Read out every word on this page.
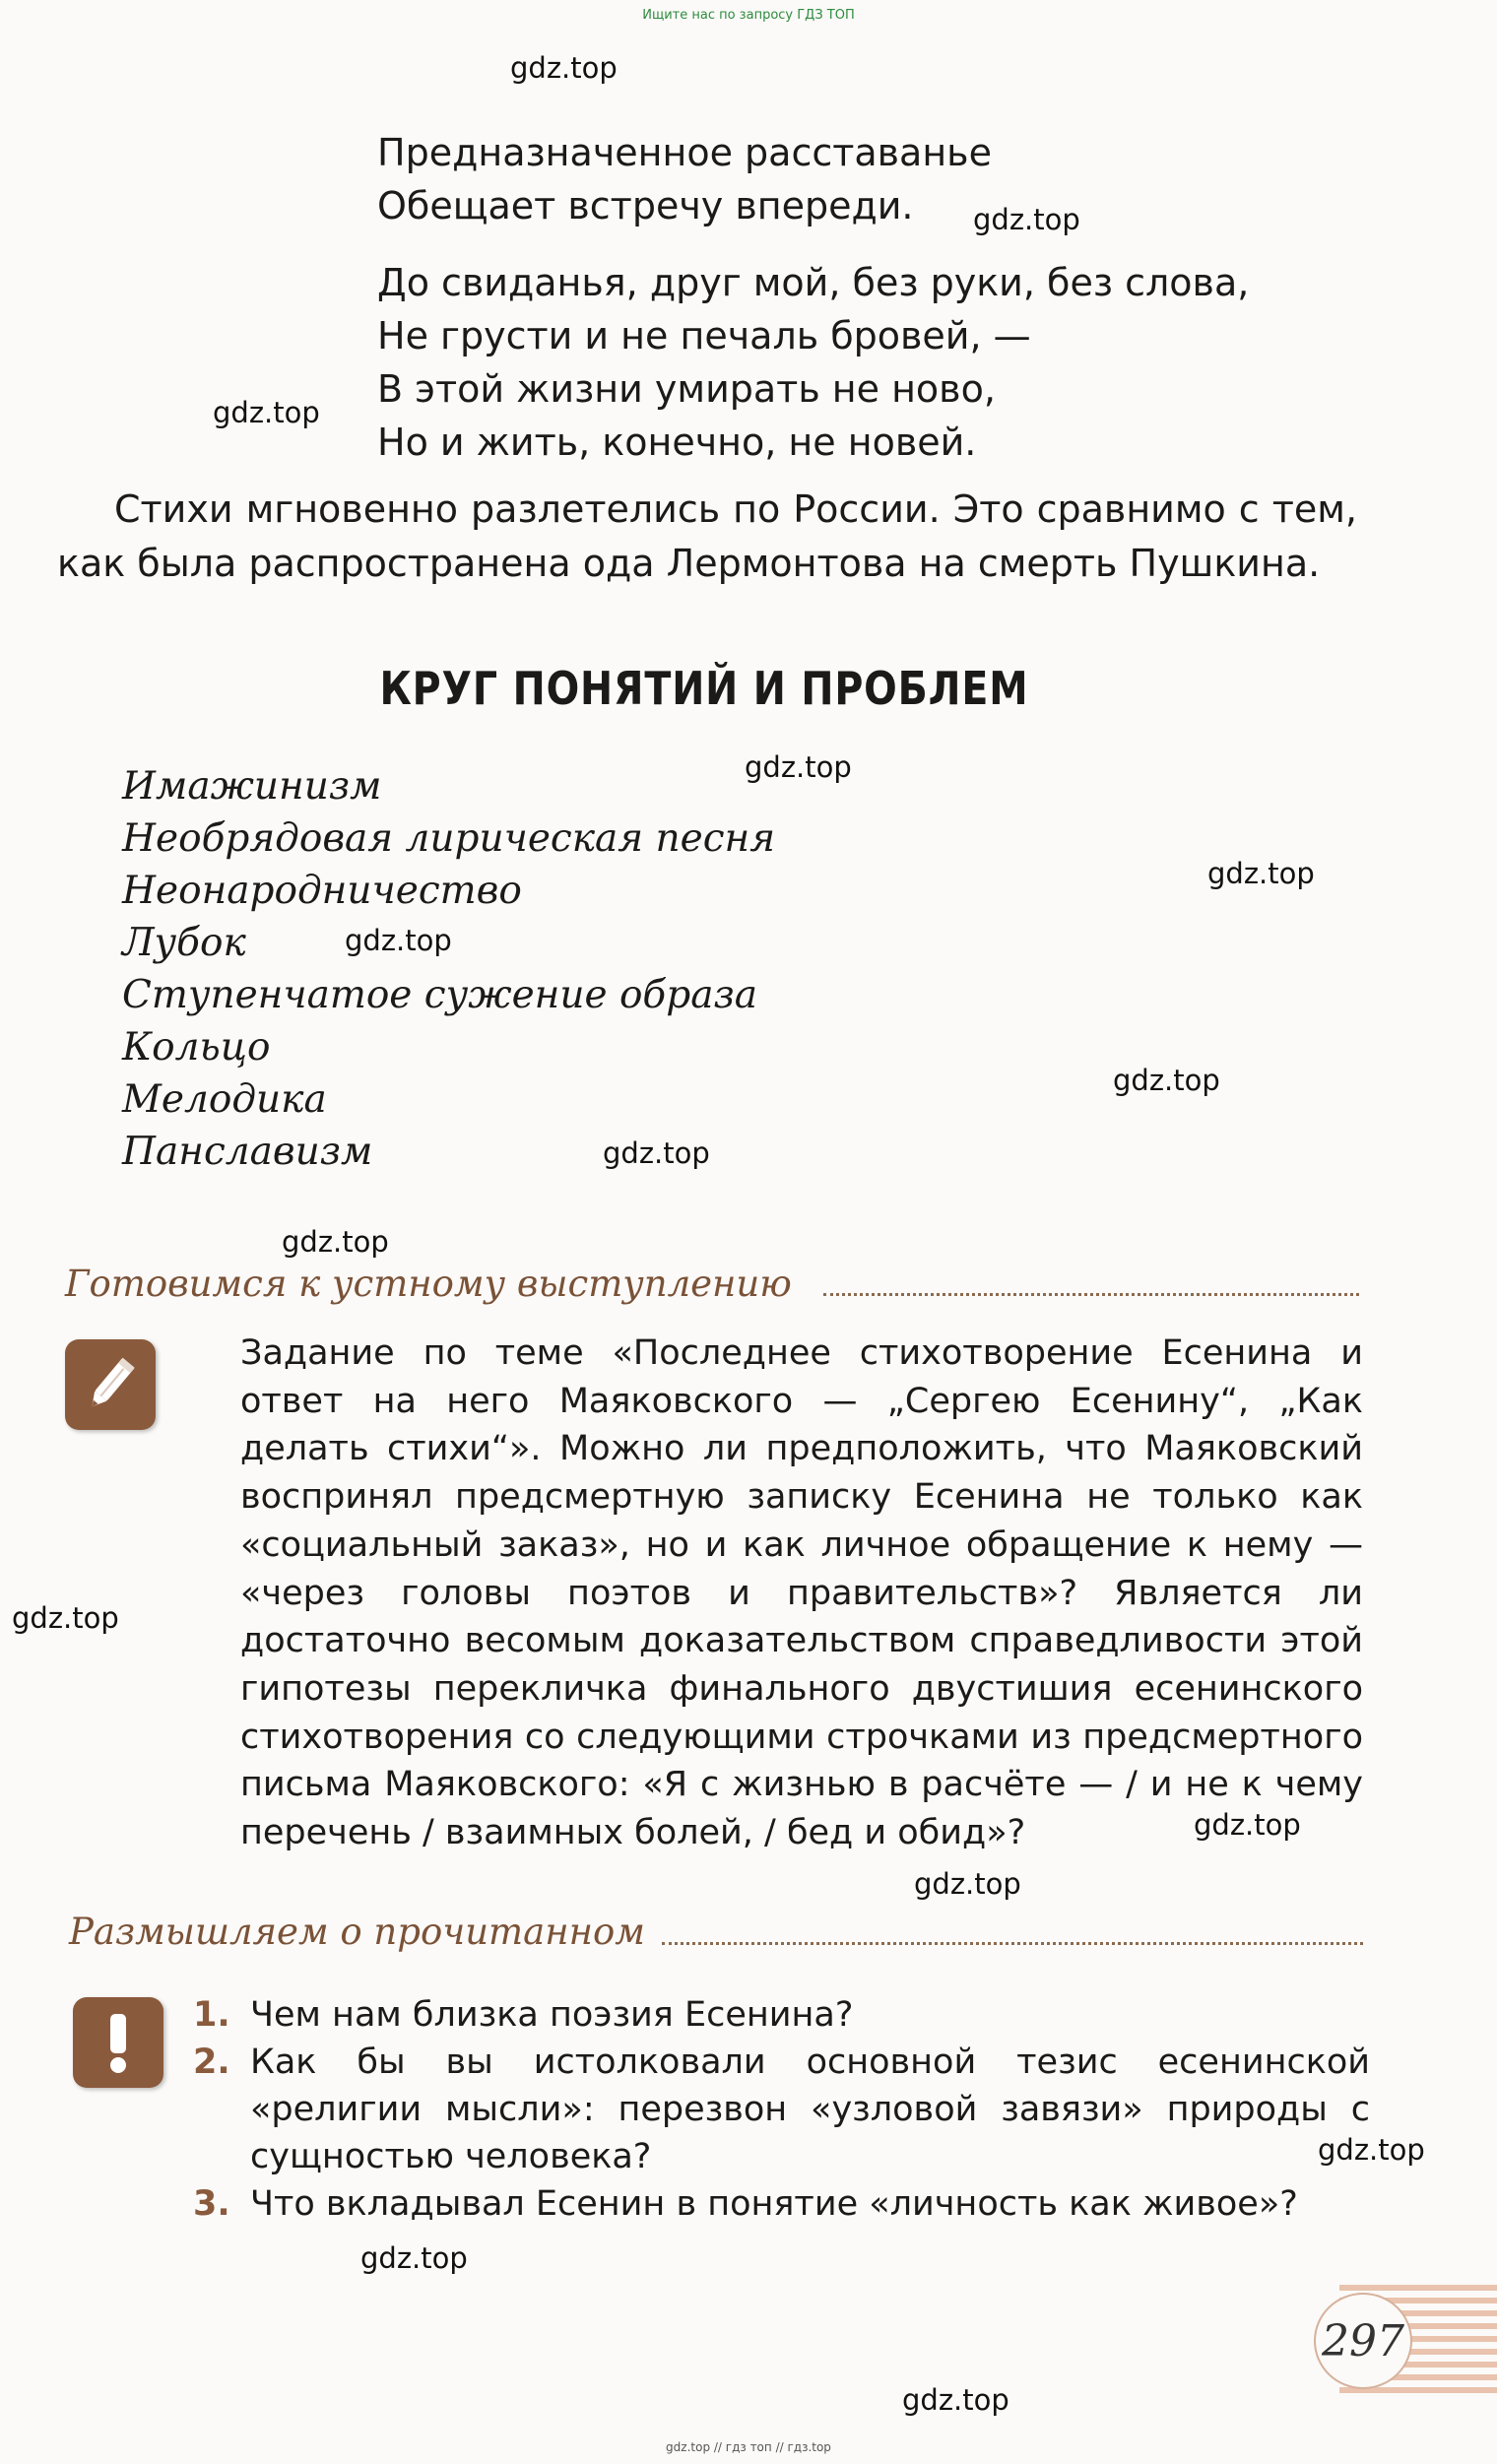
Ищите нас по запросу ГДЗ ТОП
Предназначенное расставанье
Обещает встречу впереди.
До свиданья, друг мой, без руки, без слова,
Не грусти и не печаль бровей, —
В этой жизни умирать не ново,
Но и жить, конечно, не новей.
Стихи мгновенно разлетелись по России. Это сравнимо с тем, как была распространена ода Лермонтова на смерть Пушкина.
КРУГ ПОНЯТИЙ И ПРОБЛЕМ
Имажинизм
Необрядовая лирическая песня
Неонародничество
Лубок
Ступенчатое сужение образа
Кольцо
Мелодика
Панславизм
Готовимся к устному выступлению
Задание по теме «Последнее стихотворение Есенина и ответ на него Маяковского — „Сергею Есенину“, „Как делать стихи“». Можно ли предположить, что Маяковский воспринял предсмертную записку Есенина не только как «социальный заказ», но и как личное обращение к нему — «через головы поэтов и правительств»? Является ли достаточно весомым доказательством справедливости этой гипотезы перекличка финального двустишия есенинского стихотворения со следующими строчками из предсмертного письма Маяковского: «Я с жизнью в расчёте — / и не к чему перечень / взаимных болей, / бед и обид»?
Размышляем о прочитанном
1. Чем нам близка поэзия Есенина?
2. Как бы вы истолковали основной тезис есенинской «религии мысли»: перезвон «узловой завязи» природы с сущностью человека?
3. Что вкладывал Есенин в понятие «личность как живое»?
297
gdz.top
gdz.top
gdz.top
gdz.top
gdz.top
gdz.top
gdz.top
gdz.top
gdz.top
gdz.top
gdz.top
gdz.top
gdz.top
gdz.top
gdz.top
gdz.top // гдз топ // гдз.top
